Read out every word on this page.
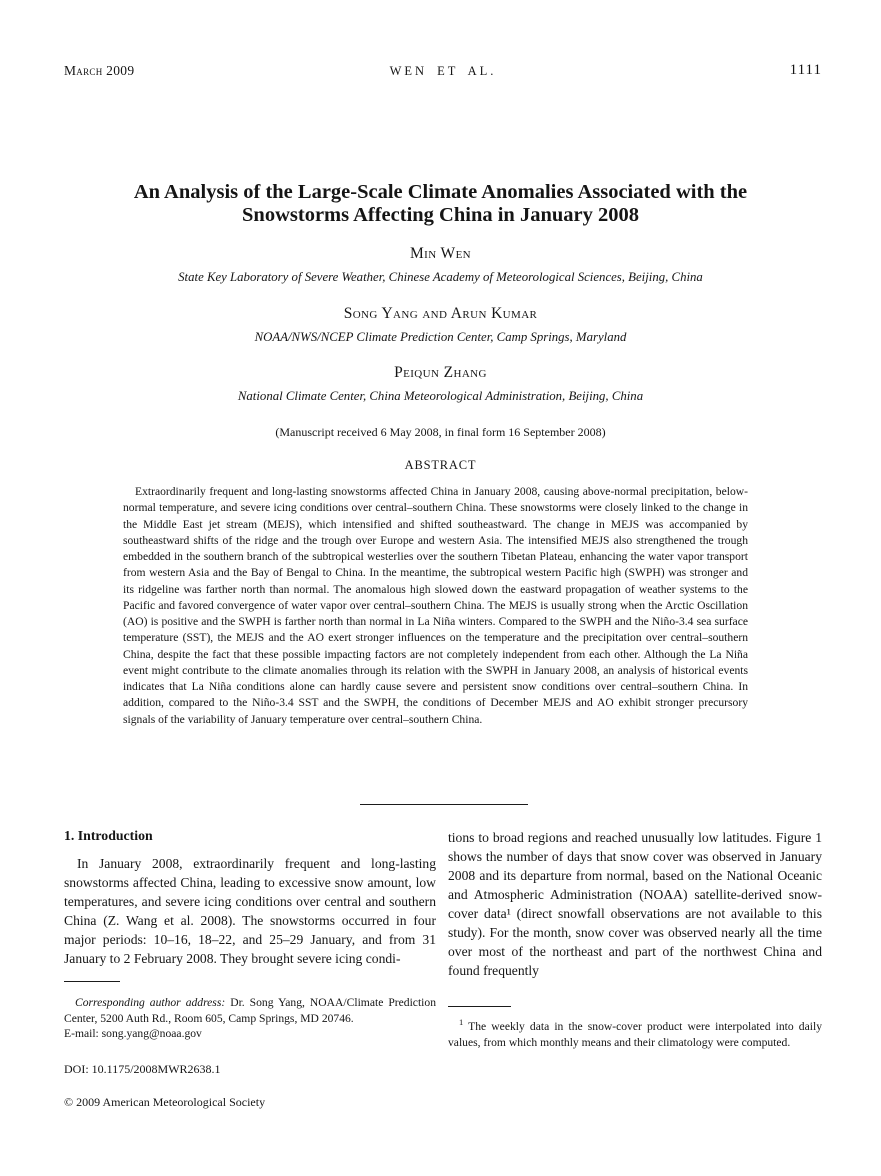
March 2009	WEN ET AL.	1111
An Analysis of the Large-Scale Climate Anomalies Associated with the Snowstorms Affecting China in January 2008
Min Wen
State Key Laboratory of Severe Weather, Chinese Academy of Meteorological Sciences, Beijing, China
Song Yang and Arun Kumar
NOAA/NWS/NCEP Climate Prediction Center, Camp Springs, Maryland
Peiqun Zhang
National Climate Center, China Meteorological Administration, Beijing, China
(Manuscript received 6 May 2008, in final form 16 September 2008)
ABSTRACT

Extraordinarily frequent and long-lasting snowstorms affected China in January 2008, causing above-normal precipitation, below-normal temperature, and severe icing conditions over central–southern China. These snowstorms were closely linked to the change in the Middle East jet stream (MEJS), which intensified and shifted southeastward. The change in MEJS was accompanied by southeastward shifts of the ridge and the trough over Europe and western Asia. The intensified MEJS also strengthened the trough embedded in the southern branch of the subtropical westerlies over the southern Tibetan Plateau, enhancing the water vapor transport from western Asia and the Bay of Bengal to China. In the meantime, the subtropical western Pacific high (SWPH) was stronger and its ridgeline was farther north than normal. The anomalous high slowed down the eastward propagation of weather systems to the Pacific and favored convergence of water vapor over central–southern China. The MEJS is usually strong when the Arctic Oscillation (AO) is positive and the SWPH is farther north than normal in La Niña winters. Compared to the SWPH and the Niño-3.4 sea surface temperature (SST), the MEJS and the AO exert stronger influences on the temperature and the precipitation over central–southern China, despite the fact that these possible impacting factors are not completely independent from each other. Although the La Niña event might contribute to the climate anomalies through its relation with the SWPH in January 2008, an analysis of historical events indicates that La Niña conditions alone can hardly cause severe and persistent snow conditions over central–southern China. In addition, compared to the Niño-3.4 SST and the SWPH, the conditions of December MEJS and AO exhibit stronger precursory signals of the variability of January temperature over central–southern China.

1. Introduction

In January 2008, extraordinarily frequent and long-lasting snowstorms affected China, leading to excessive snow amount, low temperatures, and severe icing conditions over central and southern China (Z. Wang et al. 2008). The snowstorms occurred in four major periods: 10–16, 18–22, and 25–29 January, and from 31 January to 2 February 2008. They brought severe icing condi-

Corresponding author address: Dr. Song Yang, NOAA/Climate Prediction Center, 5200 Auth Rd., Room 605, Camp Springs, MD 20746.

E-mail: song.yang@noaa.gov

DOI: 10.1175/2008MWR2638.1

© 2009 American Meteorological Society

tions to broad regions and reached unusually low latitudes. Figure 1 shows the number of days that snow cover was observed in January 2008 and its departure from normal, based on the National Oceanic and Atmospheric Administration (NOAA) satellite-derived snow-cover data¹ (direct snowfall observations are not available to this study). For the month, snow cover was observed nearly all the time over most of the northeast and part of the northwest China and found frequently

$^1$ The weekly data in the snow-cover product were interpolated into daily values, from which monthly means and their climatology were computed.
